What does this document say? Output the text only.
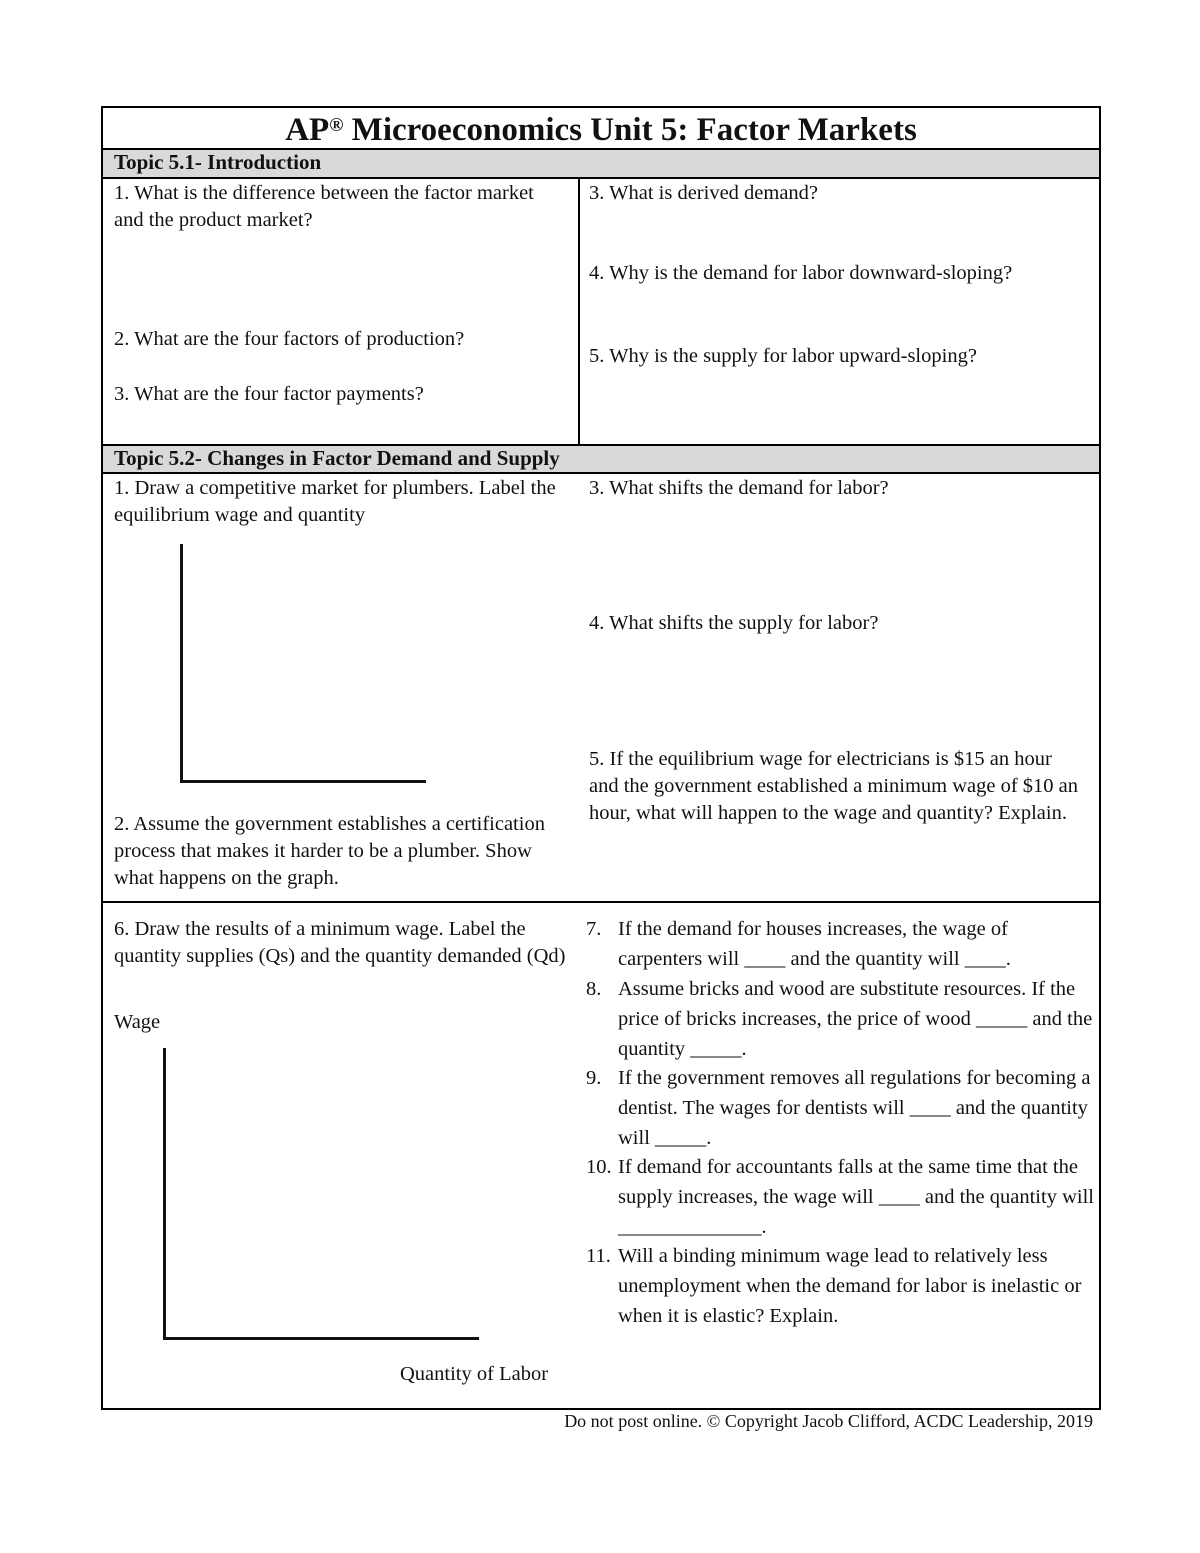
AP® Microeconomics Unit 5: Factor Markets
Topic 5.1- Introduction
1. What is the difference between the factor market and the product market?
2. What are the four factors of production?
3. What are the four factor payments?
3. What is derived demand?
4. Why is the demand for labor downward-sloping?
5. Why is the supply for labor upward-sloping?
Topic 5.2- Changes in Factor Demand and Supply
1. Draw a competitive market for plumbers. Label the equilibrium wage and quantity
2. Assume the government establishes a certification process that makes it harder to be a plumber. Show what happens on the graph.
3. What shifts the demand for labor?
4. What shifts the supply for labor?
5. If the equilibrium wage for electricians is $15 an hour and the government established a minimum wage of $10 an hour, what will happen to the wage and quantity? Explain.
6. Draw the results of a minimum wage. Label the quantity supplies (Qs) and the quantity demanded (Qd)
Wage
Quantity of Labor
7. If the demand for houses increases, the wage of carpenters will ____ and the quantity will ____.
8. Assume bricks and wood are substitute resources. If the price of bricks increases, the price of wood _____ and the quantity _____.
9. If the government removes all regulations for becoming a dentist. The wages for dentists will ____ and the quantity will _____.
10. If demand for accountants falls at the same time that the supply increases, the wage will ____ and the quantity will ______________.
11. Will a binding minimum wage lead to relatively less unemployment when the demand for labor is inelastic or when it is elastic? Explain.
Do not post online. © Copyright Jacob Clifford, ACDC Leadership, 2019
